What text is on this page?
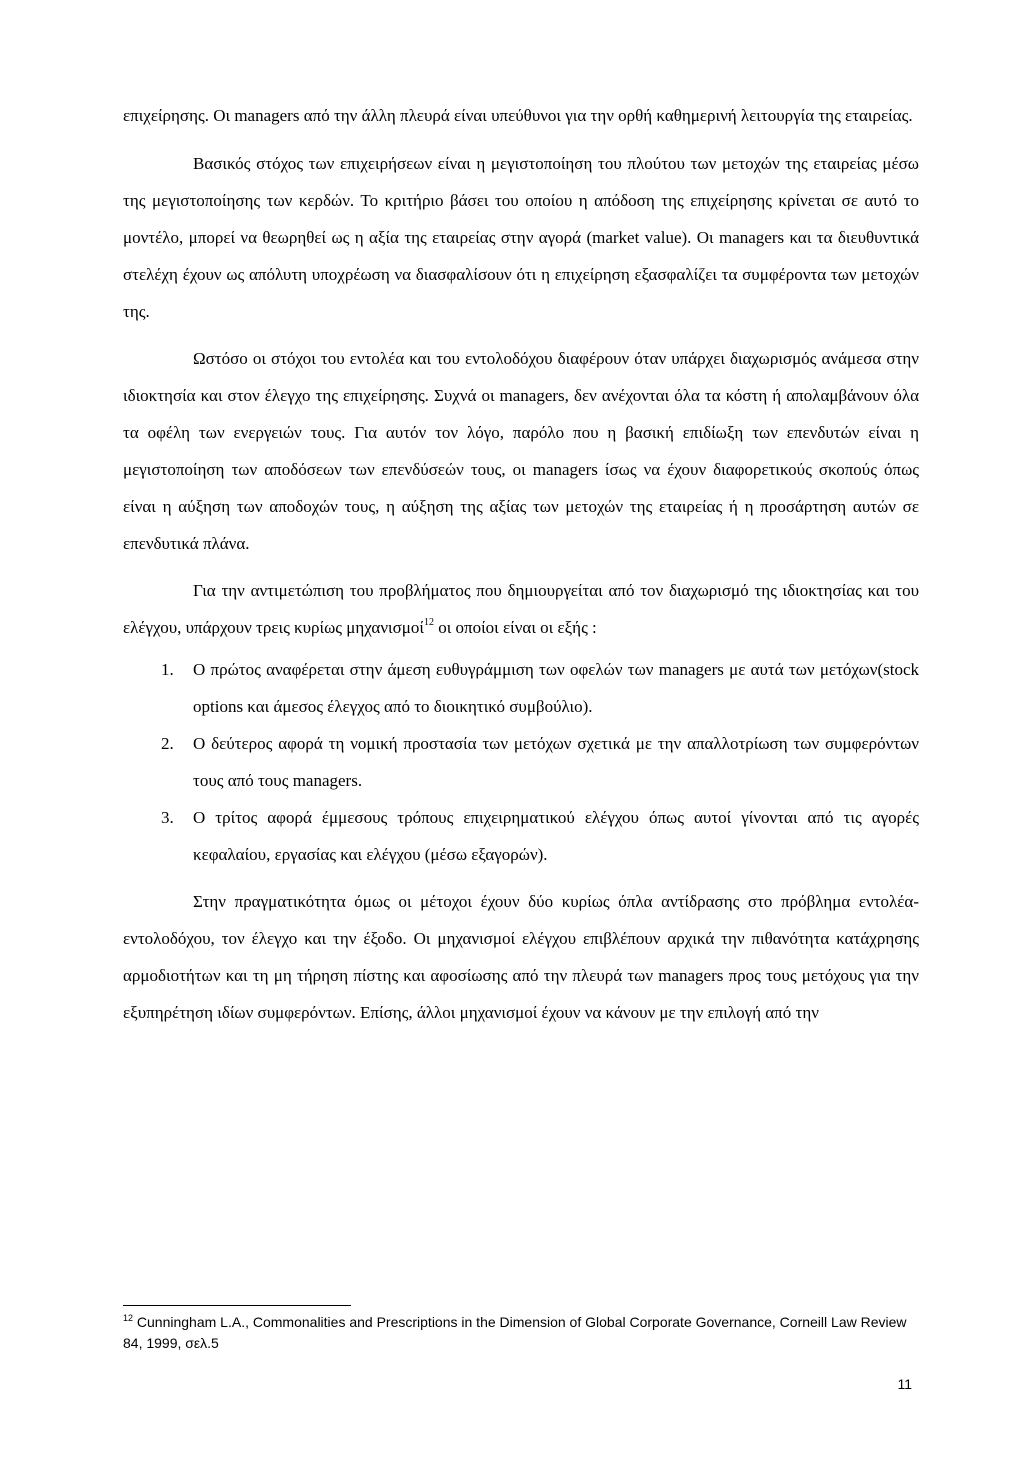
επιχείρησης. Οι managers από την άλλη πλευρά είναι υπεύθυνοι για την ορθή καθημερινή λειτουργία της εταιρείας.

Βασικός στόχος των επιχειρήσεων είναι η μεγιστοποίηση του πλούτου των μετοχών της εταιρείας μέσω της μεγιστοποίησης των κερδών. Το κριτήριο βάσει του οποίου η απόδοση της επιχείρησης κρίνεται σε αυτό το μοντέλο, μπορεί να θεωρηθεί ως η αξία της εταιρείας στην αγορά (market value). Οι managers και τα διευθυντικά στελέχη έχουν ως απόλυτη υποχρέωση να διασφαλίσουν ότι η επιχείρηση εξασφαλίζει τα συμφέροντα των μετοχών της.

Ωστόσο οι στόχοι του εντολέα και του εντολοδόχου διαφέρουν όταν υπάρχει διαχωρισμός ανάμεσα στην ιδιοκτησία και στον έλεγχο της επιχείρησης. Συχνά οι managers, δεν ανέχονται όλα τα κόστη ή απολαμβάνουν όλα τα οφέλη των ενεργειών τους. Για αυτόν τον λόγο, παρόλο που η βασική επιδίωξη των επενδυτών είναι η μεγιστοποίηση των αποδόσεων των επενδύσεών τους, οι managers ίσως να έχουν διαφορετικούς σκοπούς όπως είναι η αύξηση των αποδοχών τους, η αύξηση της αξίας των μετοχών της εταιρείας ή η προσάρτηση αυτών σε επενδυτικά πλάνα.

Για την αντιμετώπιση του προβλήματος που δημιουργείται από τον διαχωρισμό της ιδιοκτησίας και του ελέγχου, υπάρχουν τρεις κυρίως μηχανισμοί$^{12}$ οι οποίοι είναι οι εξής :

1. Ο πρώτος αναφέρεται στην άμεση ευθυγράμμιση των οφελών των managers με αυτά των μετόχων(stock options και άμεσος έλεγχος από το διοικητικό συμβούλιο).
2. Ο δεύτερος αφορά τη νομική προστασία των μετόχων σχετικά με την απαλλοτρίωση των συμφερόντων τους από τους managers.
3. Ο τρίτος αφορά έμμεσους τρόπους επιχειρηματικού ελέγχου όπως αυτοί γίνονται από τις αγορές κεφαλαίου, εργασίας και ελέγχου (μέσω εξαγορών).

Στην πραγματικότητα όμως οι μέτοχοι έχουν δύο κυρίως όπλα αντίδρασης στο πρόβλημα εντολέα-εντολοδόχου, τον έλεγχο και την έξοδο. Οι μηχανισμοί ελέγχου επιβλέπουν αρχικά την πιθανότητα κατάχρησης αρμοδιοτήτων και τη μη τήρηση πίστης και αφοσίωσης από την πλευρά των managers προς τους μετόχους για την εξυπηρέτηση ιδίων συμφερόντων. Επίσης, άλλοι μηχανισμοί έχουν να κάνουν με την επιλογή από την

$^{12}$ Cunningham L.A., Commonalities and Prescriptions in the Dimension of Global Corporate Governance, Corneill Law Review 84, 1999, σελ.5
11
